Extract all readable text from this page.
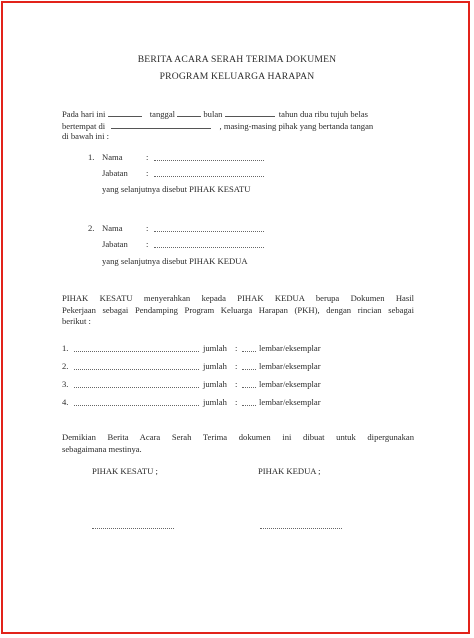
BERITA ACARA SERAH TERIMA DOKUMEN
PROGRAM KELUARGA HARAPAN
Pada hari ini	tanggal	bulan	tahun dua ribu tujuh belas
bertempat di	, masing-masing pihak yang bertanda tangan
di bawah ini :
1. Nama	:
Jabatan :
yang selanjutnya disebut PIHAK KESATU
2. Nama	:
Jabatan :
yang selanjutnya disebut PIHAK KEDUA
PIHAK KESATU menyerahkan kepada PIHAK KEDUA berupa Dokumen Hasil
Pekerjaan sebagai Pendamping Program Keluarga Harapan (PKH), dengan rincian sebagai
berikut :
1.	jumlah :	lembar/eksemplar
2.	jumlah :	lembar/eksemplar
3.	jumlah :	lembar/eksemplar
4.	jumlah :	lembar/eksemplar
Demikian Berita Acara Serah Terima dokumen ini dibuat untuk dipergunakan
sebagaimana mestinya.
PIHAK KESATU ;	PIHAK KEDUA ;
